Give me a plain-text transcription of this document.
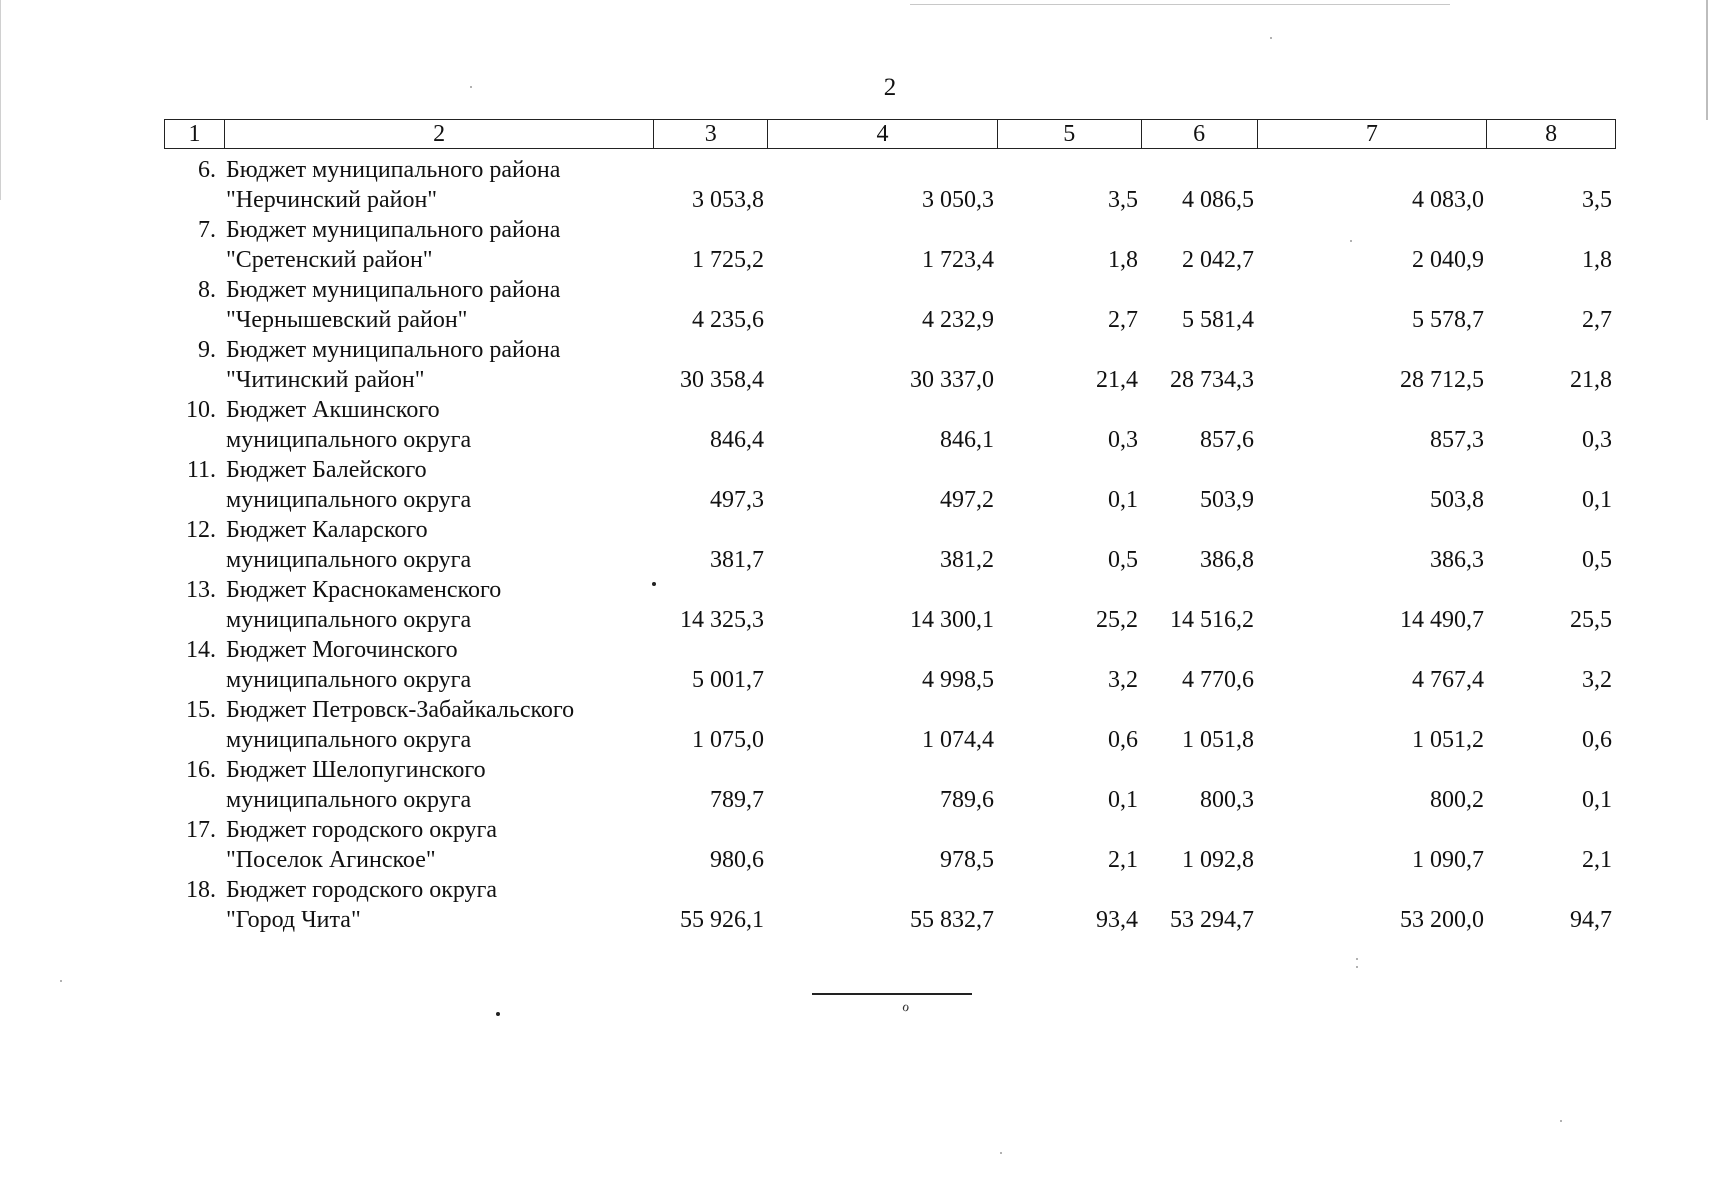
2
1	2	3	4	5	6	7	8
6. Бюджет муниципального района
"Нерчинский район"	3 053,8	3 050,3	3,5	4 086,5	4 083,0	3,5
7. Бюджет муниципального района
"Сретенский район"	1 725,2	1 723,4	1,8	2 042,7	2 040,9	1,8
8. Бюджет муниципального района
"Чернышевский район"	4 235,6	4 232,9	2,7	5 581,4	5 578,7	2,7
9. Бюджет муниципального района
"Читинский район"	30 358,4	30 337,0	21,4	28 734,3	28 712,5	21,8
10. Бюджет Акшинского
муниципального округа	846,4	846,1	0,3	857,6	857,3	0,3
11. Бюджет Балейского
муниципального округа	497,3	497,2	0,1	503,9	503,8	0,1
12. Бюджет Каларского
муниципального округа	381,7	381,2	0,5	386,8	386,3	0,5
13. Бюджет Краснокаменского
муниципального округа	14 325,3	14 300,1	25,2	14 516,2	14 490,7	25,5
14. Бюджет Могочинского
муниципального округа	5 001,7	4 998,5	3,2	4 770,6	4 767,4	3,2
15. Бюджет Петровск-Забайкальского
муниципального округа	1 075,0	1 074,4	0,6	1 051,8	1 051,2	0,6
16. Бюджет Шелопугинского
муниципального округа	789,7	789,6	0,1	800,3	800,2	0,1
17. Бюджет городского округа
"Поселок Агинское"	980,6	978,5	2,1	1 092,8	1 090,7	2,1
18. Бюджет городского округа
"Город Чита"	55 926,1	55 832,7	93,4	53 294,7	53 200,0	94,7
ℴ
